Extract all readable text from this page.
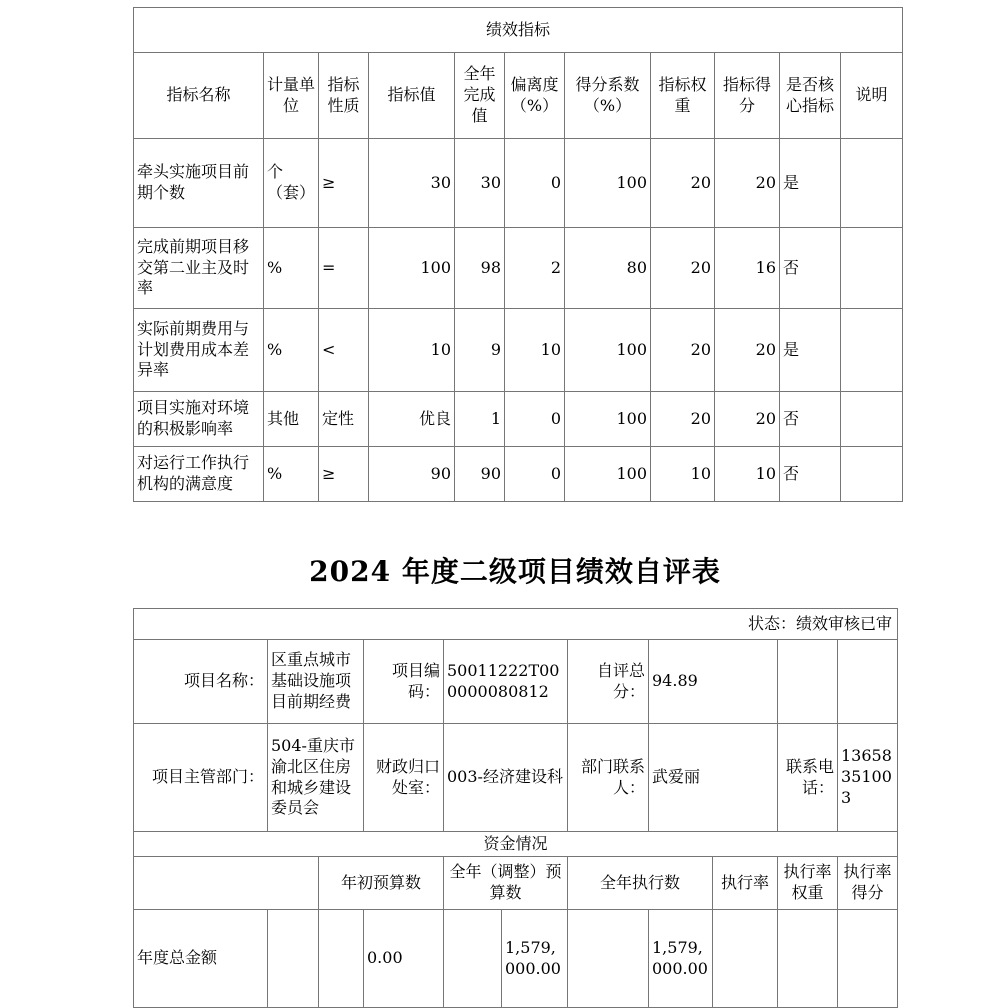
绩效指标										
指标名称	计量单位	指标性质	指标值	全年完成值	偏离度（%）	得分系数（%）	指标权重	指标得分	是否核心指标	说明
牵头实施项目前期个数	个（套）	≥	30	30	0	100	20	20	是	
完成前期项目移交第二业主及时率	%	=	100	98	2	80	20	16	否	
实际前期费用与计划费用成本差异率	%	<	10	9	10	100	20	20	是	
项目实施对环境的积极影响率	其他	定性	优良	1	0	100	20	20	否	
对运行工作执行机构的满意度	%	≥	90	90	0	100	10	10	否	
2024 年度二级项目绩效自评表
状态：绩效审核已审										
项目名称：	区重点城市基础设施项目前期经费		项目编码：	50011222T000000080812		自评总分：	94.89			
项目主管部门：	504-重庆市渝北区住房和城乡建设委员会		财政归口处室：	003-经济建设科		部门联系人：	武爱丽		联系电话：	13658351003
资金情况										
		年初预算数		全年（调整）预算数		全年执行数		执行率	执行率权重	执行率得分
年度总金额			0.00		1,579,000.00		1,579,000.00			
